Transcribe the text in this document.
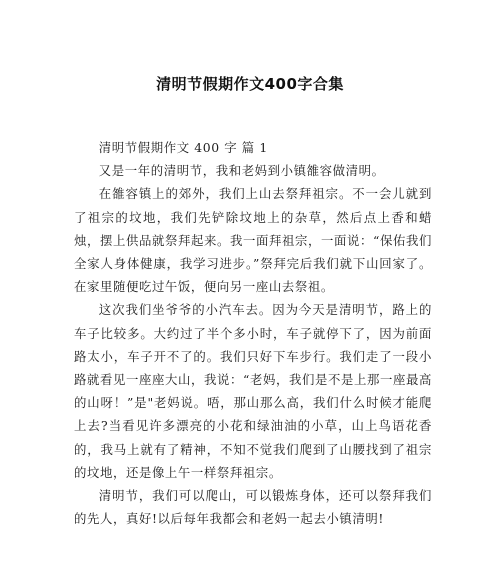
清明节假期作文400字合集

清明节假期作文 400 字 篇 1

又是一年的清明节，我和老妈到小镇雒容做清明。

在雒容镇上的郊外，我们上山去祭拜祖宗。不一会儿就到了祖宗的坟地，我们先铲除坟地上的杂草，然后点上香和蜡烛，摆上供品就祭拜起来。我一面拜祖宗，一面说：“保佑我们全家人身体健康，我学习进步。”祭拜完后我们就下山回家了。在家里随便吃过午饭，便向另一座山去祭祖。

这次我们坐爷爷的小汽车去。因为今天是清明节，路上的车子比较多。大约过了半个多小时，车子就停下了，因为前面路太小，车子开不了的。我们只好下车步行。我们走了一段小路就看见一座座大山，我说：“老妈，我们是不是上那一座最高的山呀！”是"老妈说。唔，那山那么高，我们什么时候才能爬上去?当看见许多漂亮的小花和绿油油的小草，山上鸟语花香的，我马上就有了精神，不知不觉我们爬到了山腰找到了祖宗的坟地，还是像上午一样祭拜祖宗。

清明节，我们可以爬山，可以锻炼身体，还可以祭拜我们的先人，真好!以后每年我都会和老妈一起去小镇清明!
